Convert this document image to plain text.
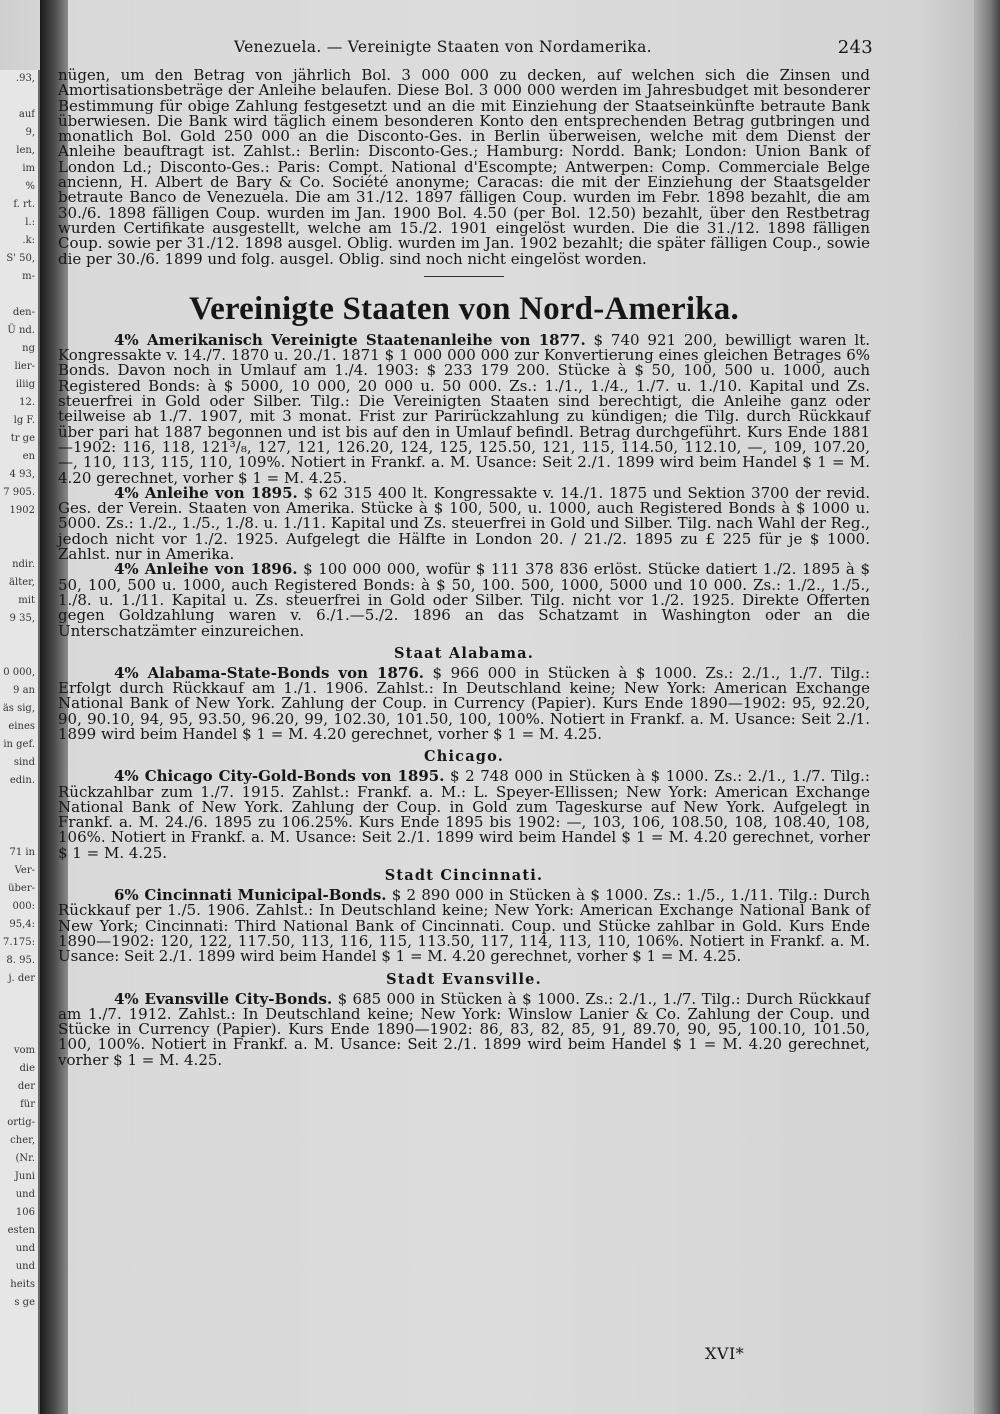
.93,
auf
9,
len,
im
%
f. rt.
l.:
.k:
S' 50,
m-
den-
Ü nd.
ng
lier-
iliig
12.
lg F.
tr ge
en
4 93,
7 905.
1902
ndir.
älter,
mit
9 35,
0 000,
9 an
äs sig,
eines
in gef.
sind
edin.
71 in
Ver-
über-
000:
95,4:
7.175:
8. 95.
j. der
vom
die
der
für
ortig-
cher,
(Nr.
Juni
und
106
esten
und
und
heits
s ge
Venezuela. — Vereinigte Staaten von Nordamerika.	243

nügen, um den Betrag von jährlich Bol. 3 000 000 zu decken, auf welchen sich die Zinsen und Amortisationsbeträge der Anleihe belaufen. Diese Bol. 3 000 000 werden im Jahresbudget mit besonderer Bestimmung für obige Zahlung festgesetzt und an die mit Einziehung der Staatseinkünfte betraute Bank überwiesen. Die Bank wird täglich einem besonderen Konto den entsprechenden Betrag gutbringen und monatlich Bol. Gold 250 000 an die Disconto-Ges. in Berlin überweisen, welche mit dem Dienst der Anleihe beauftragt ist. Zahlst.: Berlin: Disconto-Ges.; Hamburg: Nordd. Bank; London: Union Bank of London Ld.; Disconto-Ges.: Paris: Compt. National d'Escompte; Antwerpen: Comp. Commerciale Belge ancienn, H. Albert de Bary & Co. Société anonyme; Caracas: die mit der Einziehung der Staatsgelder betraute Banco de Venezuela. Die am 31./12. 1897 fälligen Coup. wurden im Febr. 1898 bezahlt, die am 30./6. 1898 fälligen Coup. wurden im Jan. 1900 Bol. 4.50 (per Bol. 12.50) bezahlt, über den Restbetrag wurden Certifikate ausgestellt, welche am 15./2. 1901 eingelöst wurden. Die die 31./12. 1898 fälligen Coup. sowie per 31./12. 1898 ausgel. Oblig. wurden im Jan. 1902 bezahlt; die später fälligen Coup., sowie die per 30./6. 1899 und folg. ausgel. Oblig. sind noch nicht eingelöst worden.

Vereinigte Staaten von Nord-Amerika.

4% Amerikanisch Vereinigte Staatenanleihe von 1877. $ 740 921 200, bewilligt waren lt. Kongressakte v. 14./7. 1870 u. 20./1. 1871 $ 1 000 000 000 zur Konvertierung eines gleichen Betrages 6% Bonds. Davon noch in Umlauf am 1./4. 1903: $ 233 179 200. Stücke à $ 50, 100, 500 u. 1000, auch Registered Bonds: à $ 5000, 10 000, 20 000 u. 50 000. Zs.: 1./1., 1./4., 1./7. u. 1./10. Kapital und Zs. steuerfrei in Gold oder Silber. Tilg.: Die Vereinigten Staaten sind berechtigt, die Anleihe ganz oder teilweise ab 1./7. 1907, mit 3 monat. Frist zur Parirückzahlung zu kündigen; die Tilg. durch Rückkauf über pari hat 1887 begonnen und ist bis auf den in Umlauf befindl. Betrag durchgeführt. Kurs Ende 1881—1902: 116, 118, 121³/₈, 127, 121, 126.20, 124, 125, 125.50, 121, 115, 114.50, 112.10, —, 109, 107.20, —, 110, 113, 115, 110, 109%. Notiert in Frankf. a. M. Usance: Seit 2./1. 1899 wird beim Handel $ 1 = M. 4.20 gerechnet, vorher $ 1 = M. 4.25.

4% Anleihe von 1895. $ 62 315 400 lt. Kongressakte v. 14./1. 1875 und Sektion 3700 der revid. Ges. der Verein. Staaten von Amerika. Stücke à $ 100, 500, u. 1000, auch Registered Bonds à $ 1000 u. 5000. Zs.: 1./2., 1./5., 1./8. u. 1./11. Kapital und Zs. steuerfrei in Gold und Silber. Tilg. nach Wahl der Reg., jedoch nicht vor 1./2. 1925. Aufgelegt die Hälfte in London 20. / 21./2. 1895 zu £ 225 für je $ 1000. Zahlst. nur in Amerika.

4% Anleihe von 1896. $ 100 000 000, wofür $ 111 378 836 erlöst. Stücke datiert 1./2. 1895 à $ 50, 100, 500 u. 1000, auch Registered Bonds: à $ 50, 100. 500, 1000, 5000 und 10 000. Zs.: 1./2., 1./5., 1./8. u. 1./11. Kapital u. Zs. steuerfrei in Gold oder Silber. Tilg. nicht vor 1./2. 1925. Direkte Offerten gegen Goldzahlung waren v. 6./1.—5./2. 1896 an das Schatzamt in Washington oder an die Unterschatzämter einzureichen.

Staat Alabama.

4% Alabama-State-Bonds von 1876. $ 966 000 in Stücken à $ 1000. Zs.: 2./1., 1./7. Tilg.: Erfolgt durch Rückkauf am 1./1. 1906. Zahlst.: In Deutschland keine; New York: American Exchange National Bank of New York. Zahlung der Coup. in Currency (Papier). Kurs Ende 1890—1902: 95, 92.20, 90, 90.10, 94, 95, 93.50, 96.20, 99, 102.30, 101.50, 100, 100%. Notiert in Frankf. a. M. Usance: Seit 2./1. 1899 wird beim Handel $ 1 = M. 4.20 gerechnet, vorher $ 1 = M. 4.25.

Chicago.

4% Chicago City-Gold-Bonds von 1895. $ 2 748 000 in Stücken à $ 1000. Zs.: 2./1., 1./7. Tilg.: Rückzahlbar zum 1./7. 1915. Zahlst.: Frankf. a. M.: L. Speyer-Ellissen; New York: American Exchange National Bank of New York. Zahlung der Coup. in Gold zum Tageskurse auf New York. Aufgelegt in Frankf. a. M. 24./6. 1895 zu 106.25%. Kurs Ende 1895 bis 1902: —, 103, 106, 108.50, 108, 108.40, 108, 106%. Notiert in Frankf. a. M. Usance: Seit 2./1. 1899 wird beim Handel $ 1 = M. 4.20 gerechnet, vorher $ 1 = M. 4.25.

Stadt Cincinnati.

6% Cincinnati Municipal-Bonds. $ 2 890 000 in Stücken à $ 1000. Zs.: 1./5., 1./11. Tilg.: Durch Rückkauf per 1./5. 1906. Zahlst.: In Deutschland keine; New York: American Exchange National Bank of New York; Cincinnati: Third National Bank of Cincinnati. Coup. und Stücke zahlbar in Gold. Kurs Ende 1890—1902: 120, 122, 117.50, 113, 116, 115, 113.50, 117, 114, 113, 110, 106%. Notiert in Frankf. a. M. Usance: Seit 2./1. 1899 wird beim Handel $ 1 = M. 4.20 gerechnet, vorher $ 1 = M. 4.25.

Stadt Evansville.

4% Evansville City-Bonds. $ 685 000 in Stücken à $ 1000. Zs.: 2./1., 1./7. Tilg.: Durch Rückkauf am 1./7. 1912. Zahlst.: In Deutschland keine; New York: Winslow Lanier & Co. Zahlung der Coup. und Stücke in Currency (Papier). Kurs Ende 1890—1902: 86, 83, 82, 85, 91, 89.70, 90, 95, 100.10, 101.50, 100, 100%. Notiert in Frankf. a. M. Usance: Seit 2./1. 1899 wird beim Handel $ 1 = M. 4.20 gerechnet, vorher $ 1 = M. 4.25.

XVI*
